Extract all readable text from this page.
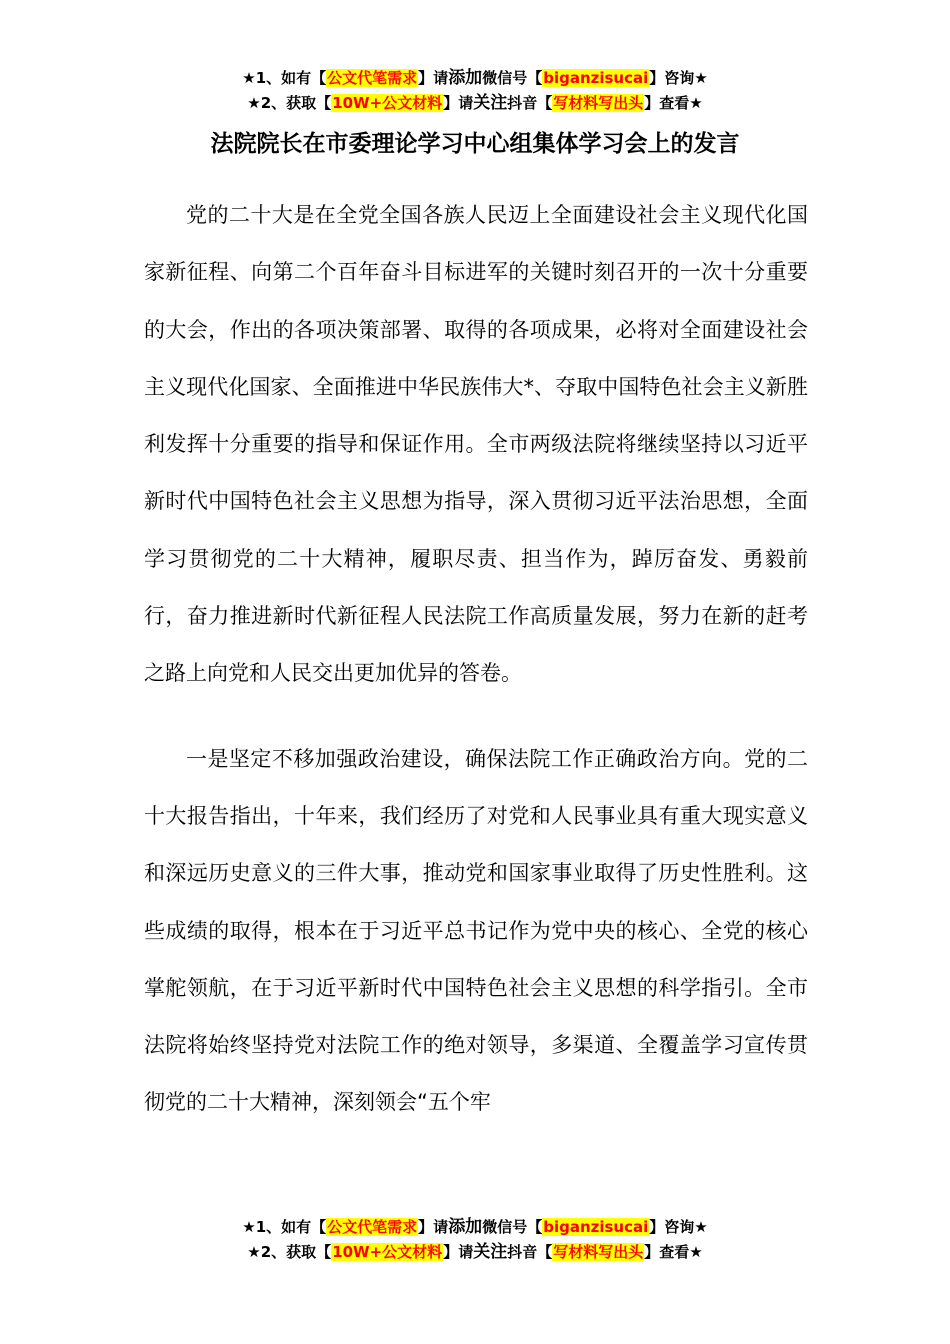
★1、如有【公文代笔需求】请添加微信号【biganzisucai】咨询★
★2、获取【10W+公文材料】请关注抖音【写材料写出头】查看★
法院院长在市委理论学习中心组集体学习会上的发言

党的二十大是在全党全国各族人民迈上全面建设社会主义现代化国家新征程、向第二个百年奋斗目标进军的关键时刻召开的一次十分重要的大会，作出的各项决策部署、取得的各项成果，必将对全面建设社会主义现代化国家、全面推进中华民族伟大*、夺取中国特色社会主义新胜利发挥十分重要的指导和保证作用。全市两级法院将继续坚持以习近平新时代中国特色社会主义思想为指导，深入贯彻习近平法治思想，全面学习贯彻党的二十大精神，履职尽责、担当作为，踔厉奋发、勇毅前行，奋力推进新时代新征程人民法院工作高质量发展，努力在新的赶考之路上向党和人民交出更加优异的答卷。

一是坚定不移加强政治建设，确保法院工作正确政治方向。党的二十大报告指出，十年来，我们经历了对党和人民事业具有重大现实意义和深远历史意义的三件大事，推动党和国家事业取得了历史性胜利。这些成绩的取得，根本在于习近平总书记作为党中央的核心、全党的核心掌舵领航，在于习近平新时代中国特色社会主义思想的科学指引。全市法院将始终坚持党对法院工作的绝对领导，多渠道、全覆盖学习宣传贯彻党的二十大精神，深刻领会“五个牢

★1、如有【公文代笔需求】请添加微信号【biganzisucai】咨询★
★2、获取【10W+公文材料】请关注抖音【写材料写出头】查看★
